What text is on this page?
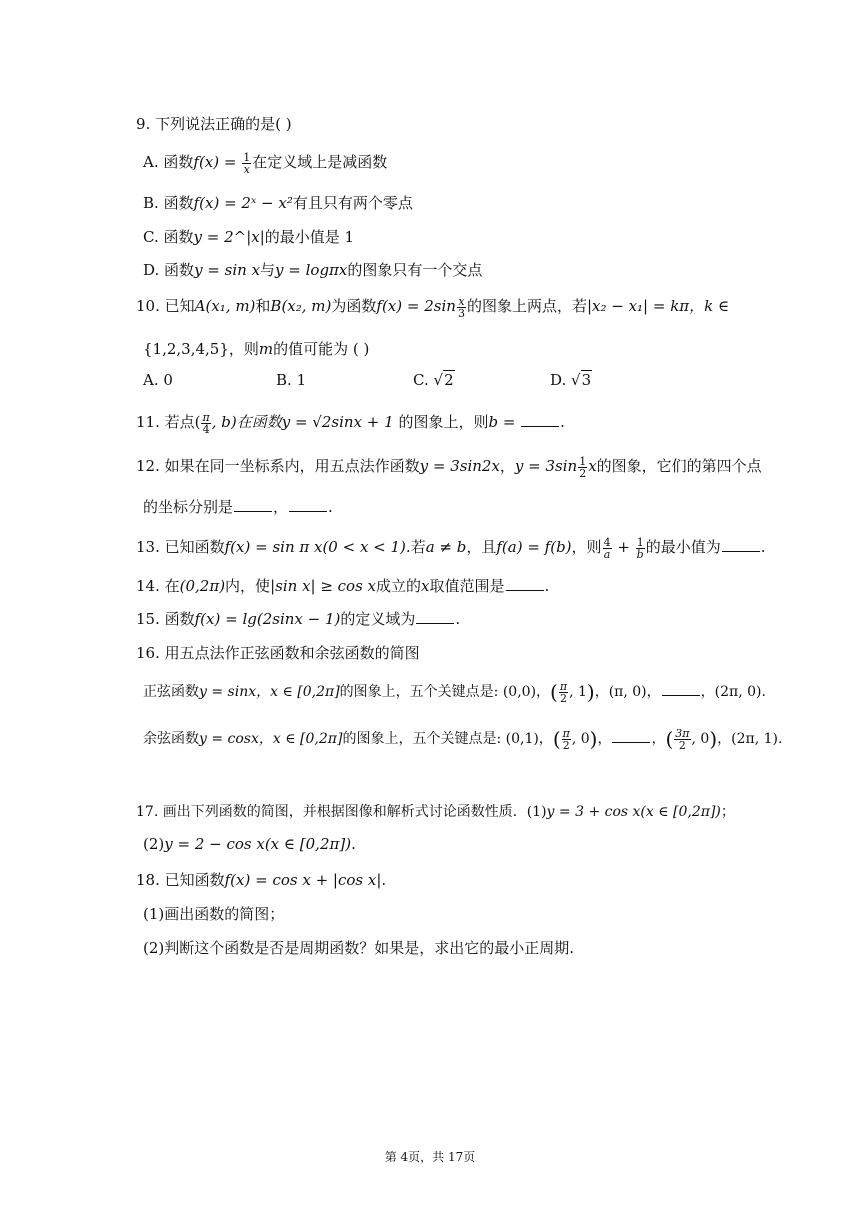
9. 下列说法正确的是( )
A. 函数$f(x) = \frac{1}{x}$ 在定义域上是减函数
B. 函数f(x) = 2ˣ − x²有且只有两个零点
C. 函数y = 2^|x|的最小值是 1
D. 函数y = sin x与y = logπx的图象只有一个交点
10. 已知A(x₁, m)和B(x₂, m)为函数$f(x) = 2\sin \frac{x}{3}$ 的图象上两点，若|x₂ − x₁| = kπ，k ∈
{1,2,3,4,5}，则m的值可能为 ( )
A. 0	B. 1	C. √ 2	D. √ 3
11. 若点( $\frac{\pi}{4}$ , b)在函数y = √2sinx + 1 的图象上，则b =	.
12. 如果在同一坐标系内，用五点法作函数y = 3sin2x，$y = 3\sin \frac{1}{2}$ x的图象，它们的第四个点
的坐标分别是	，	.
13. 已知函数f(x) = sin π x(0 < x < 1).若a ≠ b，且f(a) = f(b)，则 $\frac{4}{a} + \frac{1}{b}$ 的最小值为	.
14. 在(0,2π)内，使|sin x| ≥ cos x成立的x取值范围是	.
15. 函数f(x) = lg(2sinx − 1)的定义域为	.
16. 用五点法作正弦函数和余弦函数的简图
正弦函数y = sinx，x ∈ [0,2π]的图象上，五个关键点是: (0,0)，( $\frac{\pi}{2}$ , 1)，(π, 0)，	，(2π, 0).
余弦函数y = cosx，x ∈ [0,2π]的图象上，五个关键点是: (0,1)，( $\frac{\pi}{2}$ , 0)，	，( $\frac{3\pi}{2}$ , 0)，(2π, 1).
17. 画出下列函数的简图，并根据图像和解析式讨论函数性质．(1)y = 3 + cos x(x ∈ [0,2π])；
(2)y = 2 − cos x(x ∈ [0,2π]).
18. 已知函数f(x) = cos x + |cos x|.
(1)画出函数的简图；
(2)判断这个函数是否是周期函数？如果是，求出它的最小正周期.
第 4页，共 17页
